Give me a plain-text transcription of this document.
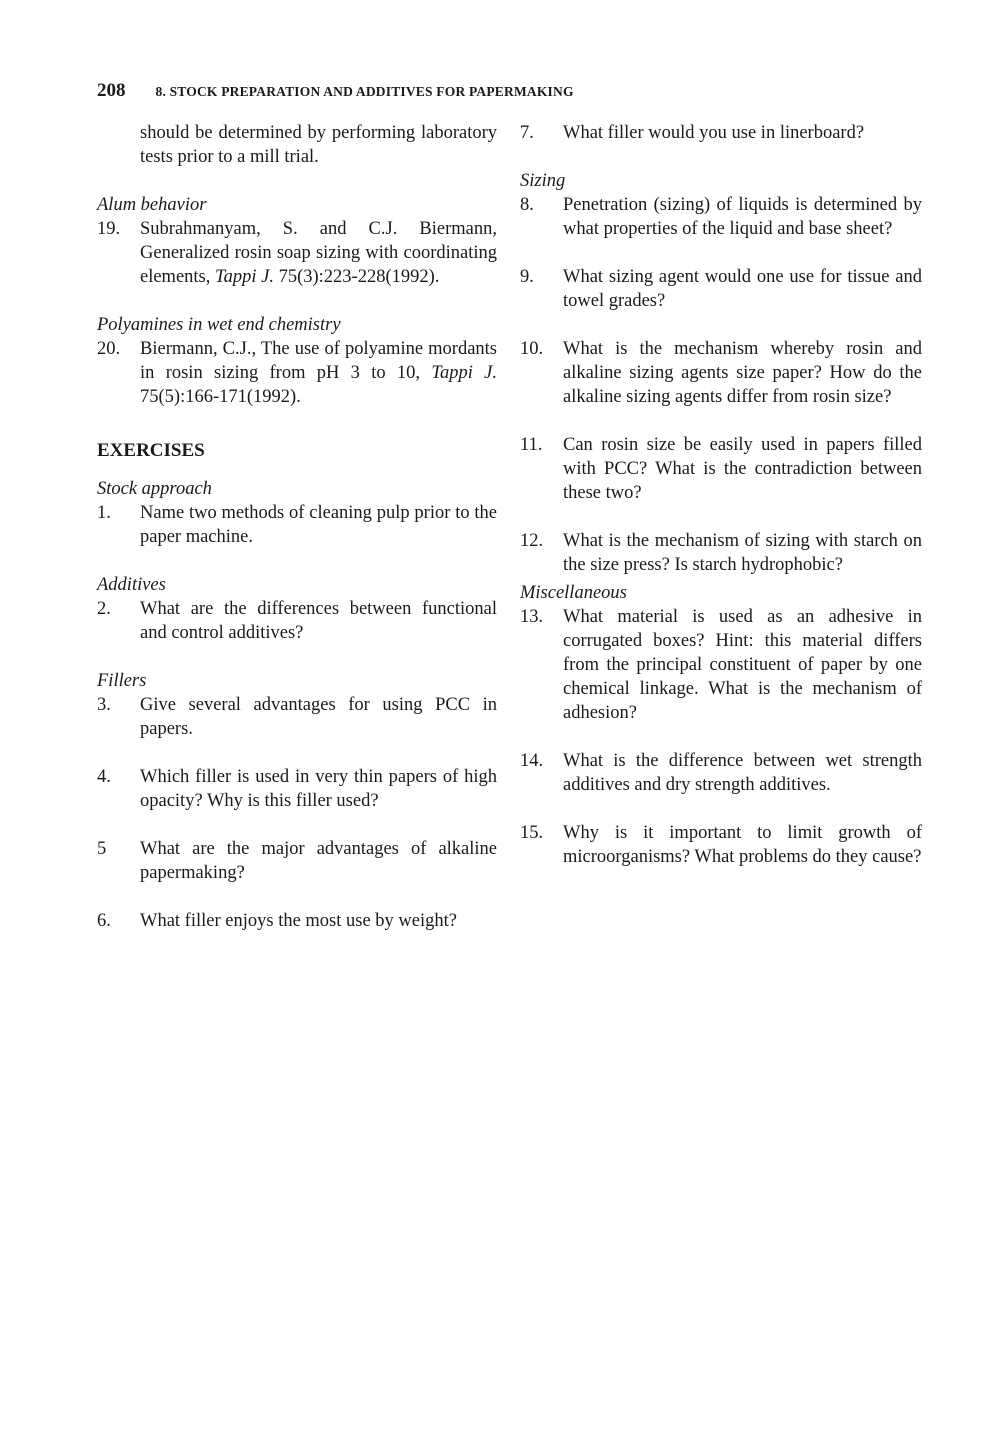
208 8. STOCK PREPARATION AND ADDITIVES FOR PAPERMAKING
should be determined by performing laboratory tests prior to a mill trial.
Alum behavior
19.	Subrahmanyam, S. and C.J. Biermann, Generalized rosin soap sizing with coordinating elements, Tappi J. 75(3):223-228(1992).
Polyamines in wet end chemistry
20.	Biermann, C.J., The use of polyamine mordants in rosin sizing from pH 3 to 10, Tappi J. 75(5):166-171(1992).
EXERCISES
Stock approach
1.	Name two methods of cleaning pulp prior to the paper machine.
Additives
2.	What are the differences between functional and control additives?
Fillers
3.	Give several advantages for using PCC in papers.
4.	Which filler is used in very thin papers of high opacity? Why is this filler used?
5	What are the major advantages of alkaline papermaking?
6.	What filler enjoys the most use by weight?
7.	What filler would you use in linerboard?
Sizing
8.	Penetration (sizing) of liquids is determined by what properties of the liquid and base sheet?
9.	What sizing agent would one use for tissue and towel grades?
10.	What is the mechanism whereby rosin and alkaline sizing agents size paper? How do the alkaline sizing agents differ from rosin size?
11.	Can rosin size be easily used in papers filled with PCC? What is the contradiction between these two?
12.	What is the mechanism of sizing with starch on the size press? Is starch hydrophobic?
Miscellaneous
13.	What material is used as an adhesive in corrugated boxes? Hint: this material differs from the principal constituent of paper by one chemical linkage. What is the mechanism of adhesion?
14.	What is the difference between wet strength additives and dry strength additives.
15.	Why is it important to limit growth of microorganisms? What problems do they cause?
